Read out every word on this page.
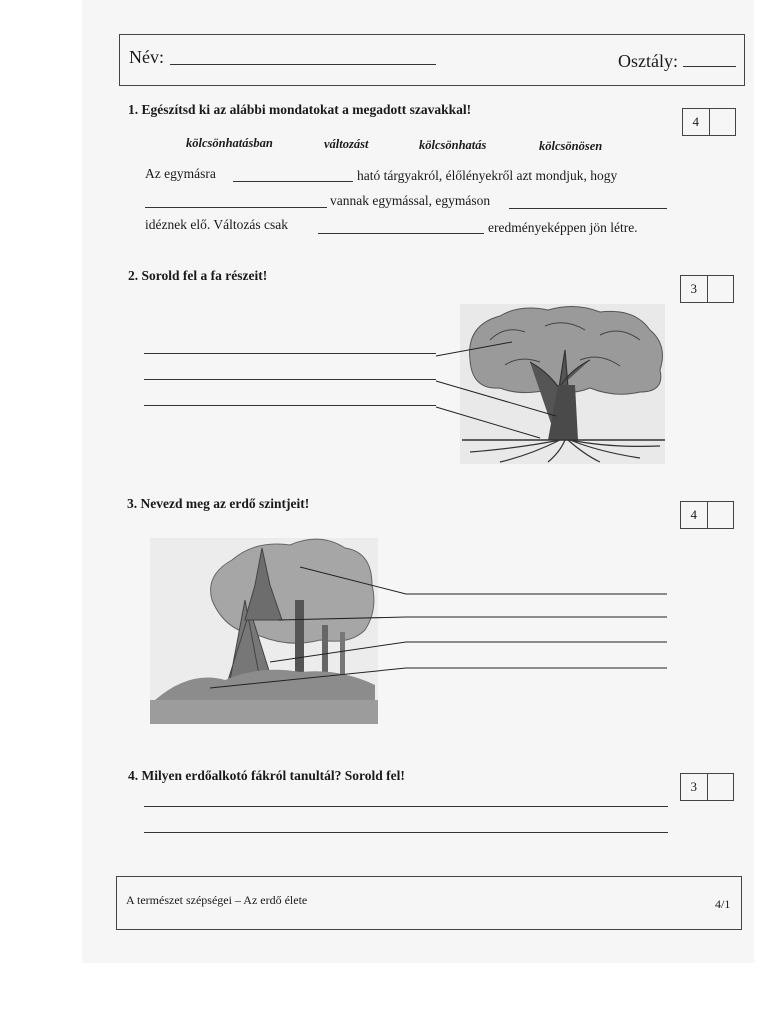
Név:	Osztály:
1. Egészítsd ki az alábbi mondatokat a megadott szavakkal!
4
kölcsönhatásban	változást	kölcsönhatás	kölcsönösen
Az egymásra	ható tárgyakról, élőlényekről azt mondjuk, hogy
vannak egymással, egymáson
idéznek elő. Változás csak	eredményeképpen jön létre.
2. Sorold fel a fa részeit!
3
3. Nevezd meg az erdő szintjeit!
4
4. Milyen erdőalkotó fákról tanultál? Sorold fel!
3
A természet szépségei – Az erdő élete	4/1
